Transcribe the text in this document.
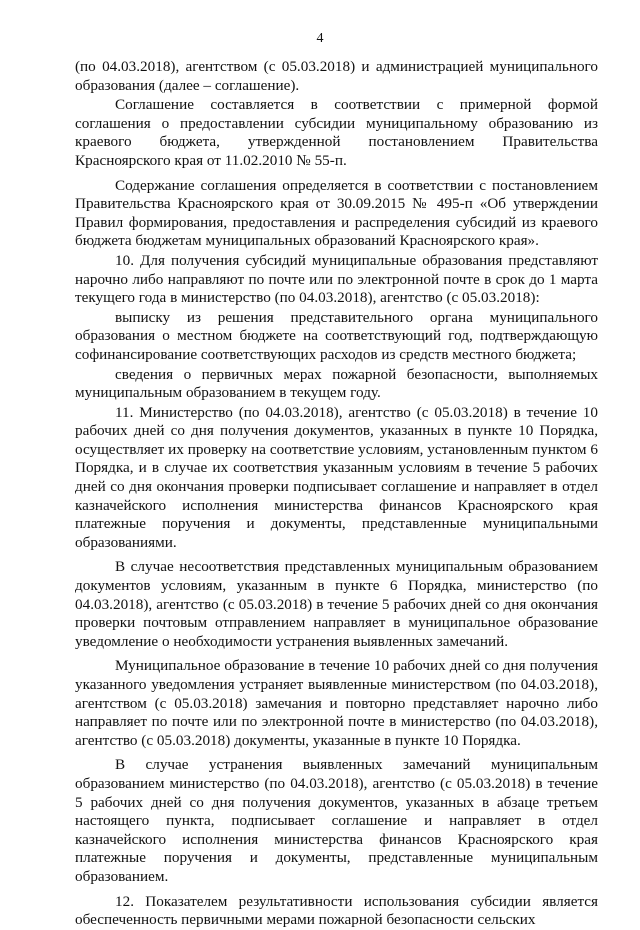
4

(по 04.03.2018), агентством (с 05.03.2018) и администрацией муниципального образования (далее – соглашение).

Соглашение составляется в соответствии с примерной формой соглашения о предоставлении субсидии муниципальному образованию из краевого бюджета, утвержденной постановлением Правительства Красноярского края от 11.02.2010 № 55-п.

Содержание соглашения определяется в соответствии с постановлением Правительства Красноярского края от 30.09.2015 № 495-п «Об утверждении Правил формирования, предоставления и распределения субсидий из краевого бюджета бюджетам муниципальных образований Красноярского края».

10. Для получения субсидий муниципальные образования представляют нарочно либо направляют по почте или по электронной почте в срок до 1 марта текущего года в министерство (по 04.03.2018), агентство (с 05.03.2018):

выписку из решения представительного органа муниципального образования о местном бюджете на соответствующий год, подтверждающую софинансирование соответствующих расходов из средств местного бюджета;

сведения о первичных мерах пожарной безопасности, выполняемых муниципальным образованием в текущем году.

11. Министерство (по 04.03.2018), агентство (с 05.03.2018) в течение 10 рабочих дней со дня получения документов, указанных в пункте 10 Порядка, осуществляет их проверку на соответствие условиям, установленным пунктом 6 Порядка, и в случае их соответствия указанным условиям в течение 5 рабочих дней со дня окончания проверки подписывает соглашение и направляет в отдел казначейского исполнения министерства финансов Красноярского края платежные поручения и документы, представленные муниципальными образованиями.

В случае несоответствия представленных муниципальным образованием документов условиям, указанным в пункте 6 Порядка, министерство (по 04.03.2018), агентство (с 05.03.2018) в течение 5 рабочих дней со дня окончания проверки почтовым отправлением направляет в муниципальное образование уведомление о необходимости устранения выявленных замечаний.

Муниципальное образование в течение 10 рабочих дней со дня получения указанного уведомления устраняет выявленные министерством (по 04.03.2018), агентством (с 05.03.2018) замечания и повторно представляет нарочно либо направляет по почте или по электронной почте в министерство (по 04.03.2018), агентство (с 05.03.2018) документы, указанные в пункте 10 Порядка.

В случае устранения выявленных замечаний муниципальным образованием министерство (по 04.03.2018), агентство (с 05.03.2018) в течение 5 рабочих дней со дня получения документов, указанных в абзаце третьем настоящего пункта, подписывает соглашение и направляет в отдел казначейского исполнения министерства финансов Красноярского края платежные поручения и документы, представленные муниципальным образованием.

12. Показателем результативности использования субсидии является обеспеченность первичными мерами пожарной безопасности сельских
